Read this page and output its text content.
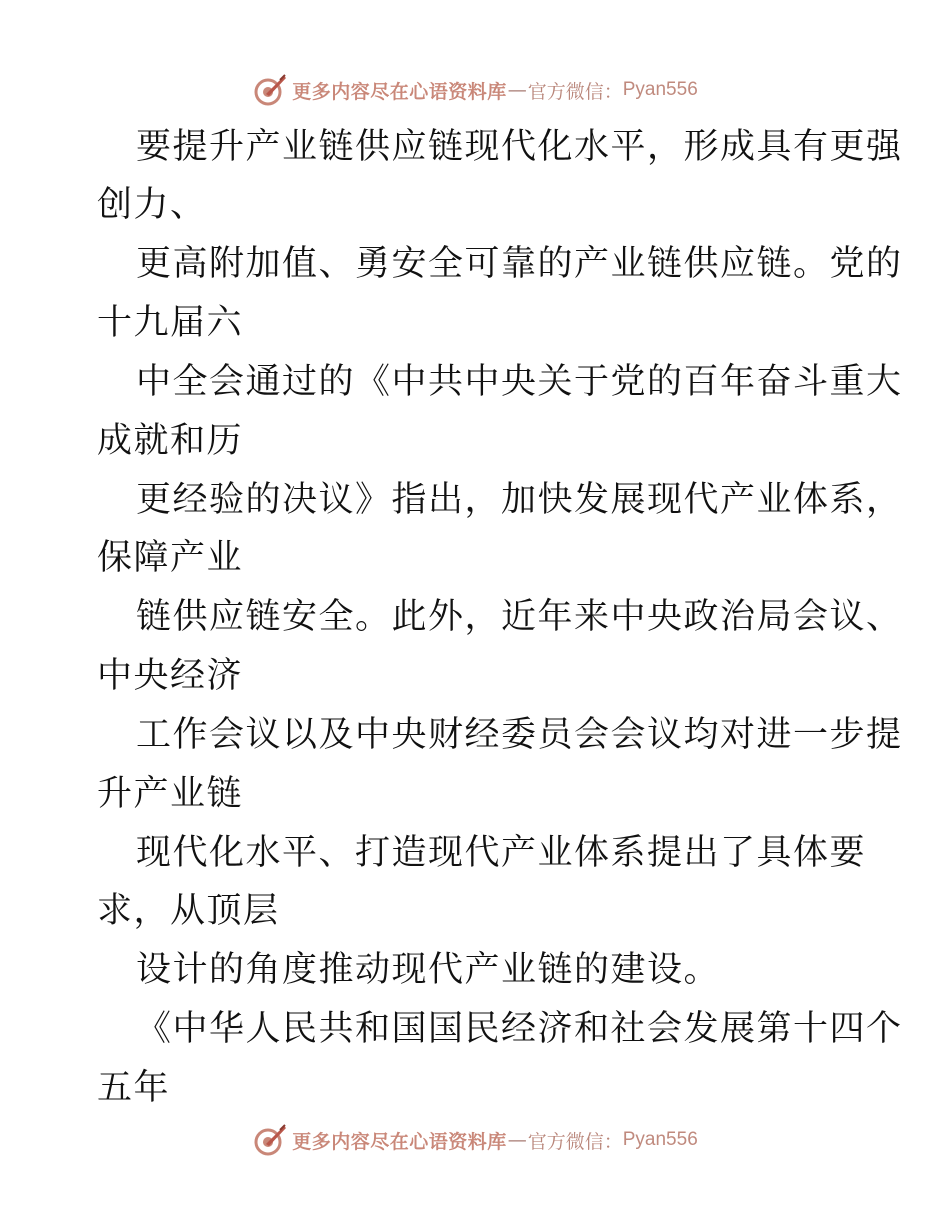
更多内容尽在心语资料库 — 官方微信： Pyan556
要提升产业链供应链现代化水平，形成具有更强
创力、
更高附加值、勇安全可靠的产业链供应链。党的
十九届六
中全会通过的《中共中央关于党的百年奋斗重大
成就和历
更经验的决议》指出，加快发展现代产业体系，
保障产业
链供应链安全。此外，近年来中央政治局会议、
中央经济
工作会议以及中央财经委员会会议均对进一步提
升产业链
现代化水平、打造现代产业体系提出了具体要
求，从顶层
设计的角度推动现代产业链的建设。
《中华人民共和国国民经济和社会发展第十四个
五年
更多内容尽在心语资料库 — 官方微信： Pyan556
